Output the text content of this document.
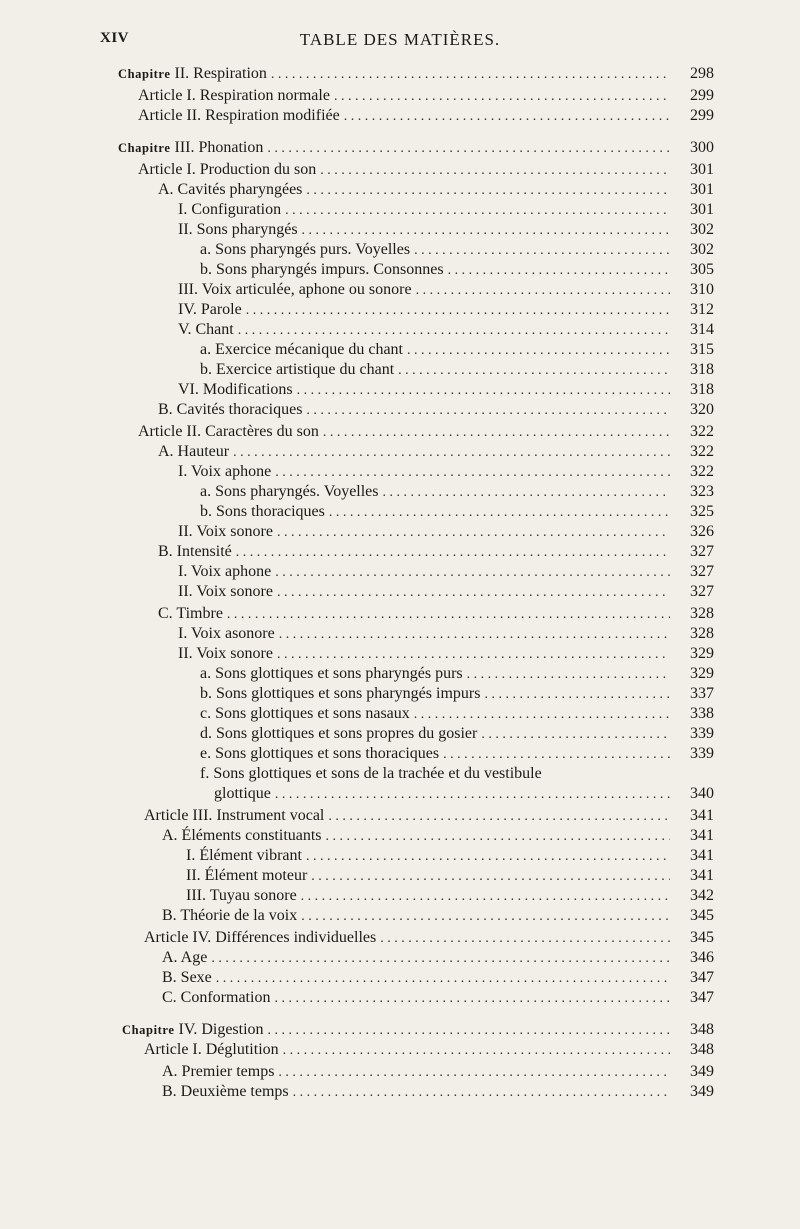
XIV	TABLE DES MATIÈRES.
Chapitre II. Respiration . . .	298
Article I. Respiration normale . . .	299
Article II. Respiration modifiée . . .	299
Chapitre III. Phonation . . .	300
Article I. Production du son . . .	301
A. Cavités pharyngées . . .	301
I. Configuration . . .	301
II. Sons pharyngés . . .	302
a. Sons pharyngés purs. Voyelles . . .	302
b. Sons pharyngés impurs. Consonnes . . .	305
III. Voix articulée, aphone ou sonore . . .	310
IV. Parole . . .	312
V. Chant . . .	314
a. Exercice mécanique du chant . . .	315
b. Exercice artistique du chant . . .	318
VI. Modifications . . .	318
B. Cavités thoraciques . . .	320
Article II. Caractères du son . . .	322
A. Hauteur . . .	322
I. Voix aphone . . .	322
a. Sons pharyngés. Voyelles . . .	323
b. Sons thoraciques . . .	325
II. Voix sonore . . .	326
B. Intensité . . .	327
I. Voix aphone . . .	327
II. Voix sonore . . .	327
C. Timbre . . .	328
I. Voix asonore . . .	328
II. Voix sonore . . .	329
a. Sons glottiques et sons pharyngés purs . . .	329
b. Sons glottiques et sons pharyngés impurs . . .	337
c. Sons glottiques et sons nasaux . . .	338
d. Sons glottiques et sons propres du gosier . . .	339
e. Sons glottiques et sons thoraciques . . .	339
f. Sons glottiques et sons de la trachée et du vestibule
glottique . . .	340
Article III. Instrument vocal . . .	341
A. Éléments constituants . . .	341
I. Élément vibrant . . .	341
II. Élément moteur . . .	341
III. Tuyau sonore . . .	342
B. Théorie de la voix . . .	345
Article IV. Différences individuelles . . .	345
A. Age . . .	346
B. Sexe . . .	347
C. Conformation . . .	347
Chapitre IV. Digestion . . .	348
Article I. Déglutition . . .	348
A. Premier temps . . .	349
B. Deuxième temps . . .	349
